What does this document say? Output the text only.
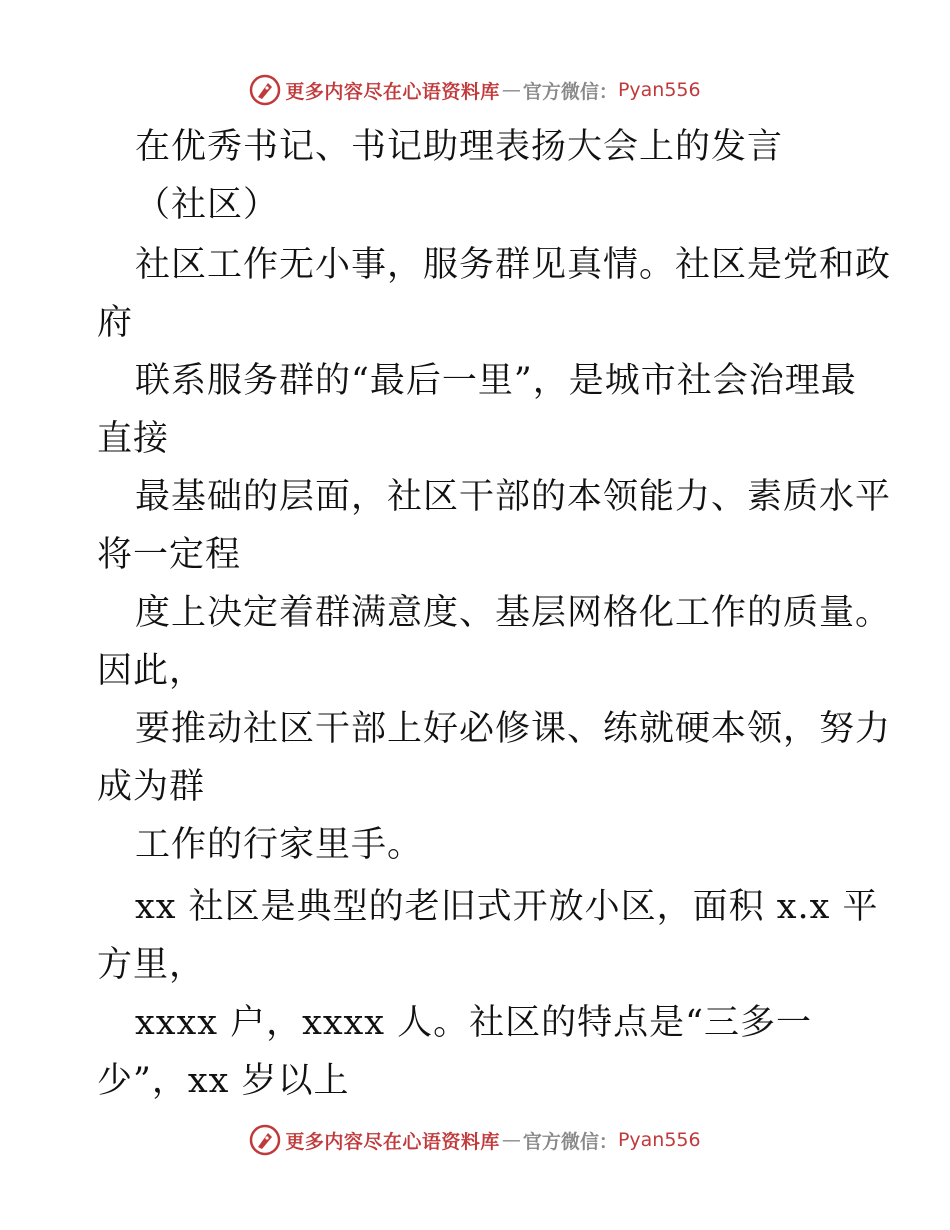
更多内容尽在心语资料库 — 官方微信： Pyan556
在优秀书记、书记助理表扬大会上的发言
（社区）
社区工作无小事，服务群见真情。社区是党和政
府
联系服务群的“最后一里”，是城市社会治理最
直接
最基础的层面，社区干部的本领能力、素质水平
将一定程
度上决定着群满意度、基层网格化工作的质量。
因此，
要推动社区干部上好必修课、练就硬本领，努力
成为群
工作的行家里手。
xx 社区是典型的老旧式开放小区，面积 x.x 平
方里，
xxxx 户，xxxx 人。社区的特点是“三多一
少”，xx 岁以上
更多内容尽在心语资料库 — 官方微信： Pyan556
